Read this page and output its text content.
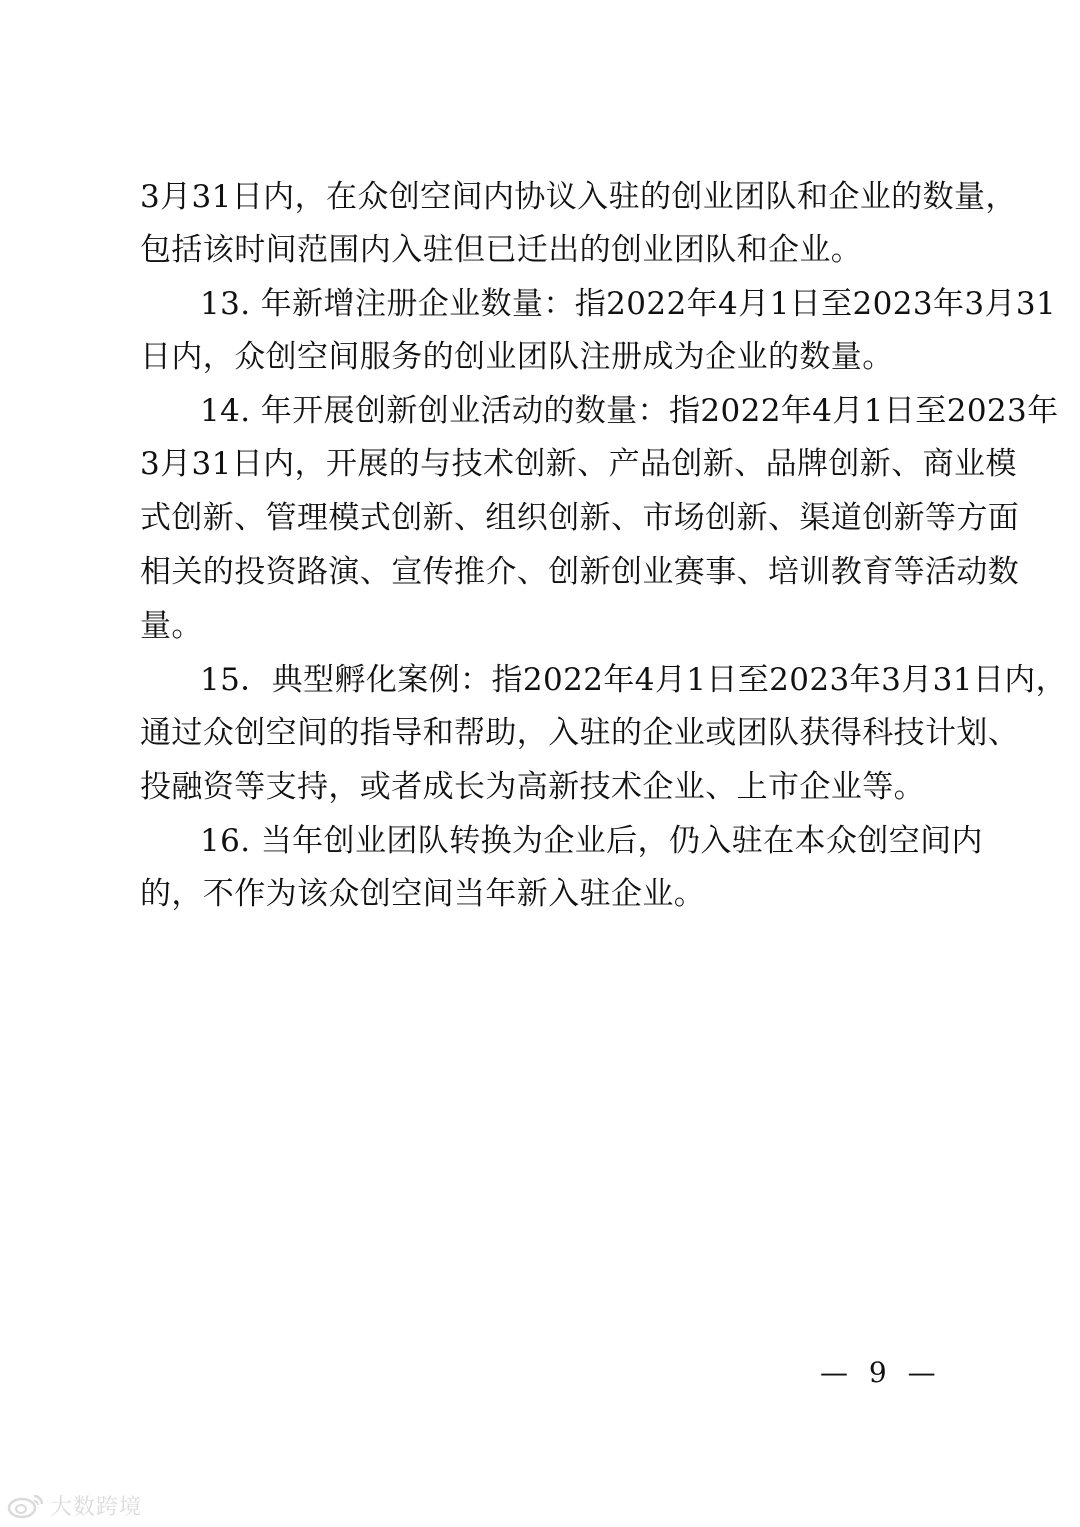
3月31日内，在众创空间内协议入驻的创业团队和企业的数量，
包括该时间范围内入驻但已迁出的创业团队和企业。
13. 年新增注册企业数量：指2022年4月1日至2023年3月31
日内，众创空间服务的创业团队注册成为企业的数量。
14. 年开展创新创业活动的数量：指2022年4月1日至2023年
3月31日内，开展的与技术创新、产品创新、品牌创新、商业模
式创新、管理模式创新、组织创新、市场创新、渠道创新等方面
相关的投资路演、宣传推介、创新创业赛事、培训教育等活动数
量。
15．典型孵化案例：指2022年4月1日至2023年3月31日内，
通过众创空间的指导和帮助，入驻的企业或团队获得科技计划、
投融资等支持，或者成长为高新技术企业、上市企业等。
16. 当年创业团队转换为企业后，仍入驻在本众创空间内
的，不作为该众创空间当年新入驻企业。
— 9 —
大数跨境
